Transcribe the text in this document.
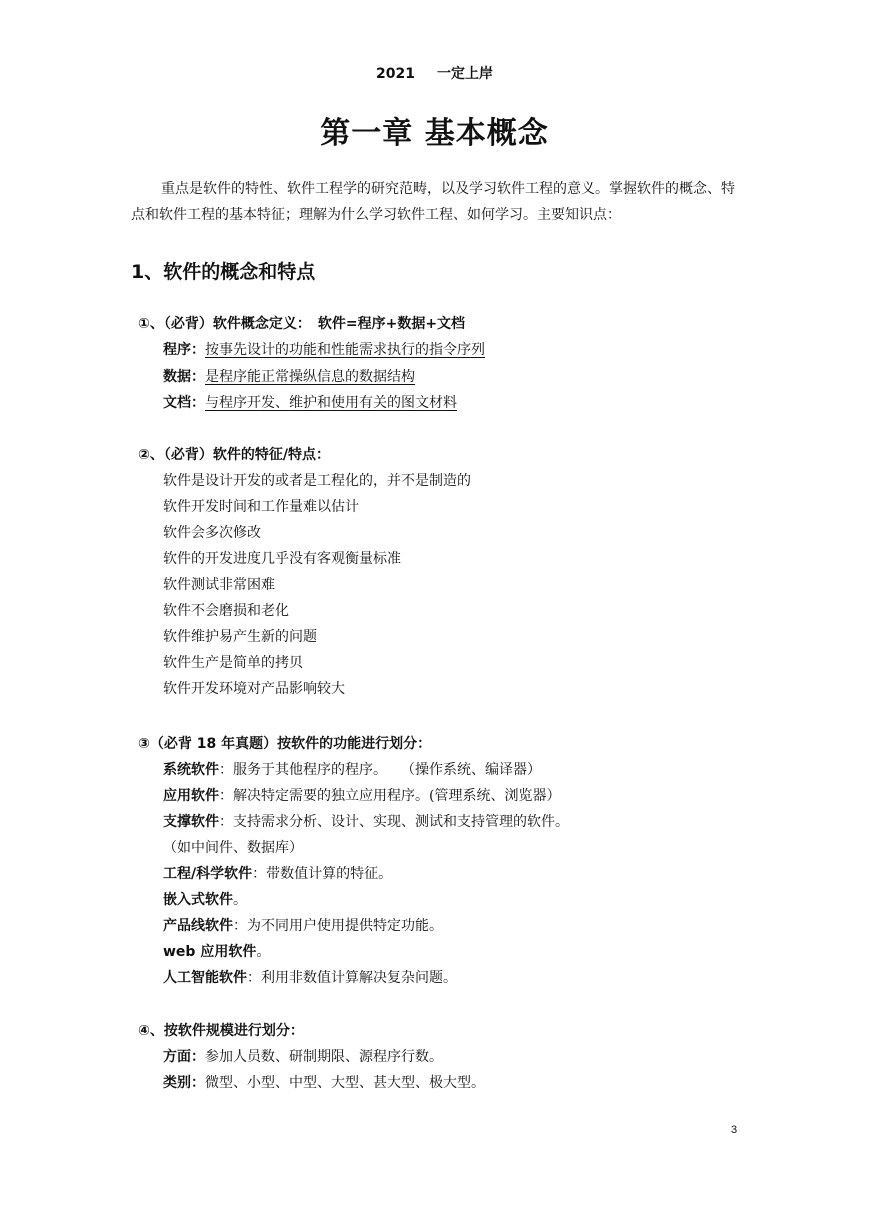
2021 一定上岸
第一章 基本概念
重点是软件的特性、软件工程学的研究范畴，以及学习软件工程的意义。掌握软件的概念、特点和软件工程的基本特征；理解为什么学习软件工程、如何学习。主要知识点：
1、软件的概念和特点
①、（必背）软件概念定义：　软件=程序+数据+文档
程序：按事先设计的功能和性能需求执行的指令序列
数据：是程序能正常操纵信息的数据结构
文档：与程序开发、维护和使用有关的图文材料
②、（必背）软件的特征/特点：
软件是设计开发的或者是工程化的，并不是制造的
软件开发时间和工作量难以估计
软件会多次修改
软件的开发进度几乎没有客观衡量标准
软件测试非常困难
软件不会磨损和老化
软件维护易产生新的问题
软件生产是简单的拷贝
软件开发环境对产品影响较大
③（必背 18 年真题）按软件的功能进行划分：
系统软件：服务于其他程序的程序。　　（操作系统、编译器）
应用软件：解决特定需要的独立应用程序。(管理系统、浏览器）
支撑软件：支持需求分析、设计、实现、测试和支持管理的软件。
（如中间件、数据库）
工程/科学软件：带数值计算的特征。
嵌入式软件。
产品线软件：为不同用户使用提供特定功能。
web 应用软件。
人工智能软件：利用非数值计算解决复杂问题。
④、按软件规模进行划分：
方面：参加人员数、研制期限、源程序行数。
类别：微型、小型、中型、大型、甚大型、极大型。
3
